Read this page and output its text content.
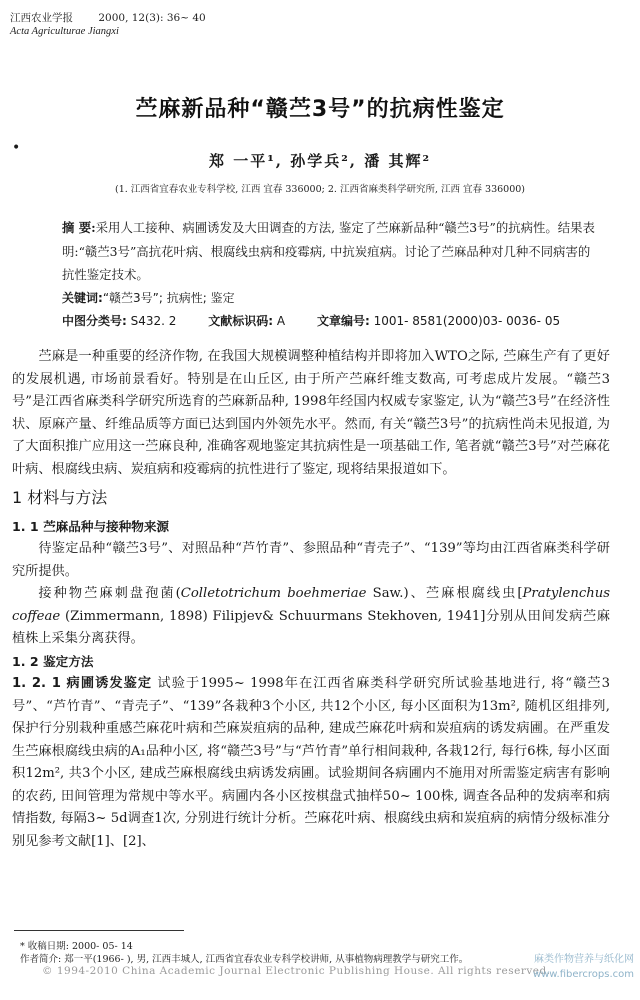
江西农业学报 2000, 12(3): 36~ 40
Acta Agriculturae Jiangxi
苎麻新品种“赣苎3号”的抗病性鉴定
•
郑 一平¹, 孙学兵², 潘 其辉²
(1. 江西省宜春农业专科学校, 江西 宜春 336000; 2. 江西省麻类科学研究所, 江西 宜春 336000)

摘 要:采用人工接种、病圃诱发及大田调查的方法, 鉴定了苎麻新品种“赣苎3号”的抗病性。结果表明:“赣苎3号”高抗花叶病、根腐线虫病和疫霉病, 中抗炭疽病。讨论了苎麻品种对几种不同病害的抗性鉴定技术。

关键词:“赣苎3号”; 抗病性; 鉴定

中图分类号: S432. 2	文献标识码: A	文章编号: 1001- 8581(2000)03- 0036- 05

苎麻是一种重要的经济作物, 在我国大规模调整种植结构并即将加入WTO之际, 苎麻生产有了更好的发展机遇, 市场前景看好。特别是在山丘区, 由于所产苎麻纤维支数高, 可考虑成片发展。“赣苎3号”是江西省麻类科学研究所选育的苎麻新品种, 1998年经国内权威专家鉴定, 认为“赣苎3号”在经济性状、原麻产量、纤维品质等方面已达到国内外领先水平。然而, 有关“赣苎3号”的抗病性尚未见报道, 为了大面积推广应用这一苎麻良种, 准确客观地鉴定其抗病性是一项基础工作, 笔者就“赣苎3号”对苎麻花叶病、根腐线虫病、炭疽病和疫霉病的抗性进行了鉴定, 现将结果报道如下。

1 材料与方法
1. 1 苎麻品种与接种物来源

待鉴定品种“赣苎3号”、对照品种“芦竹青”、参照品种“青壳子”、“139”等均由江西省麻类科学研究所提供。

接种物苎麻刺盘孢菌(Colletotrichum boehmeriae Saw.)、苎麻根腐线虫[Pratylenchus coffeae (Zimmermann, 1898) Filipjev& Schuurmans Stekhoven, 1941]分别从田间发病苎麻植株上采集分离获得。

1. 2 鉴定方法

1. 2. 1 病圃诱发鉴定 试验于1995~ 1998年在江西省麻类科学研究所试验基地进行, 将“赣苎3号”、“芦竹青”、“青壳子”、“139”各栽种3个小区, 共12个小区, 每小区面积为13m², 随机区组排列, 保护行分别栽种重感苎麻花叶病和苎麻炭疽病的品种, 建成苎麻花叶病和炭疽病的诱发病圃。在严重发生苎麻根腐线虫病的A₁品种小区, 将“赣苎3号”与“芦竹青”单行相间栽种, 各栽12行, 每行6株, 每小区面积12m², 共3个小区, 建成苎麻根腐线虫病诱发病圃。试验期间各病圃内不施用对所需鉴定病害有影响的农药, 田间管理为常规中等水平。病圃内各小区按棋盘式抽样50~ 100株, 调查各品种的发病率和病情指数, 每隔3~ 5d调查1次, 分别进行统计分析。苎麻花叶病、根腐线虫病和炭疽病的病情分级标准分别见参考文献[1]、[2]、

* 收稿日期: 2000- 05- 14
作者简介: 郑一平(1966- ), 男, 江西丰城人, 江西省宜春农业专科学校讲师, 从事植物病理教学与研究工作。
© 1994-2010 China Academic Journal Electronic Publishing House. All rights reserved.
麻类作物营养与纸化网
www.fibercrops.com
